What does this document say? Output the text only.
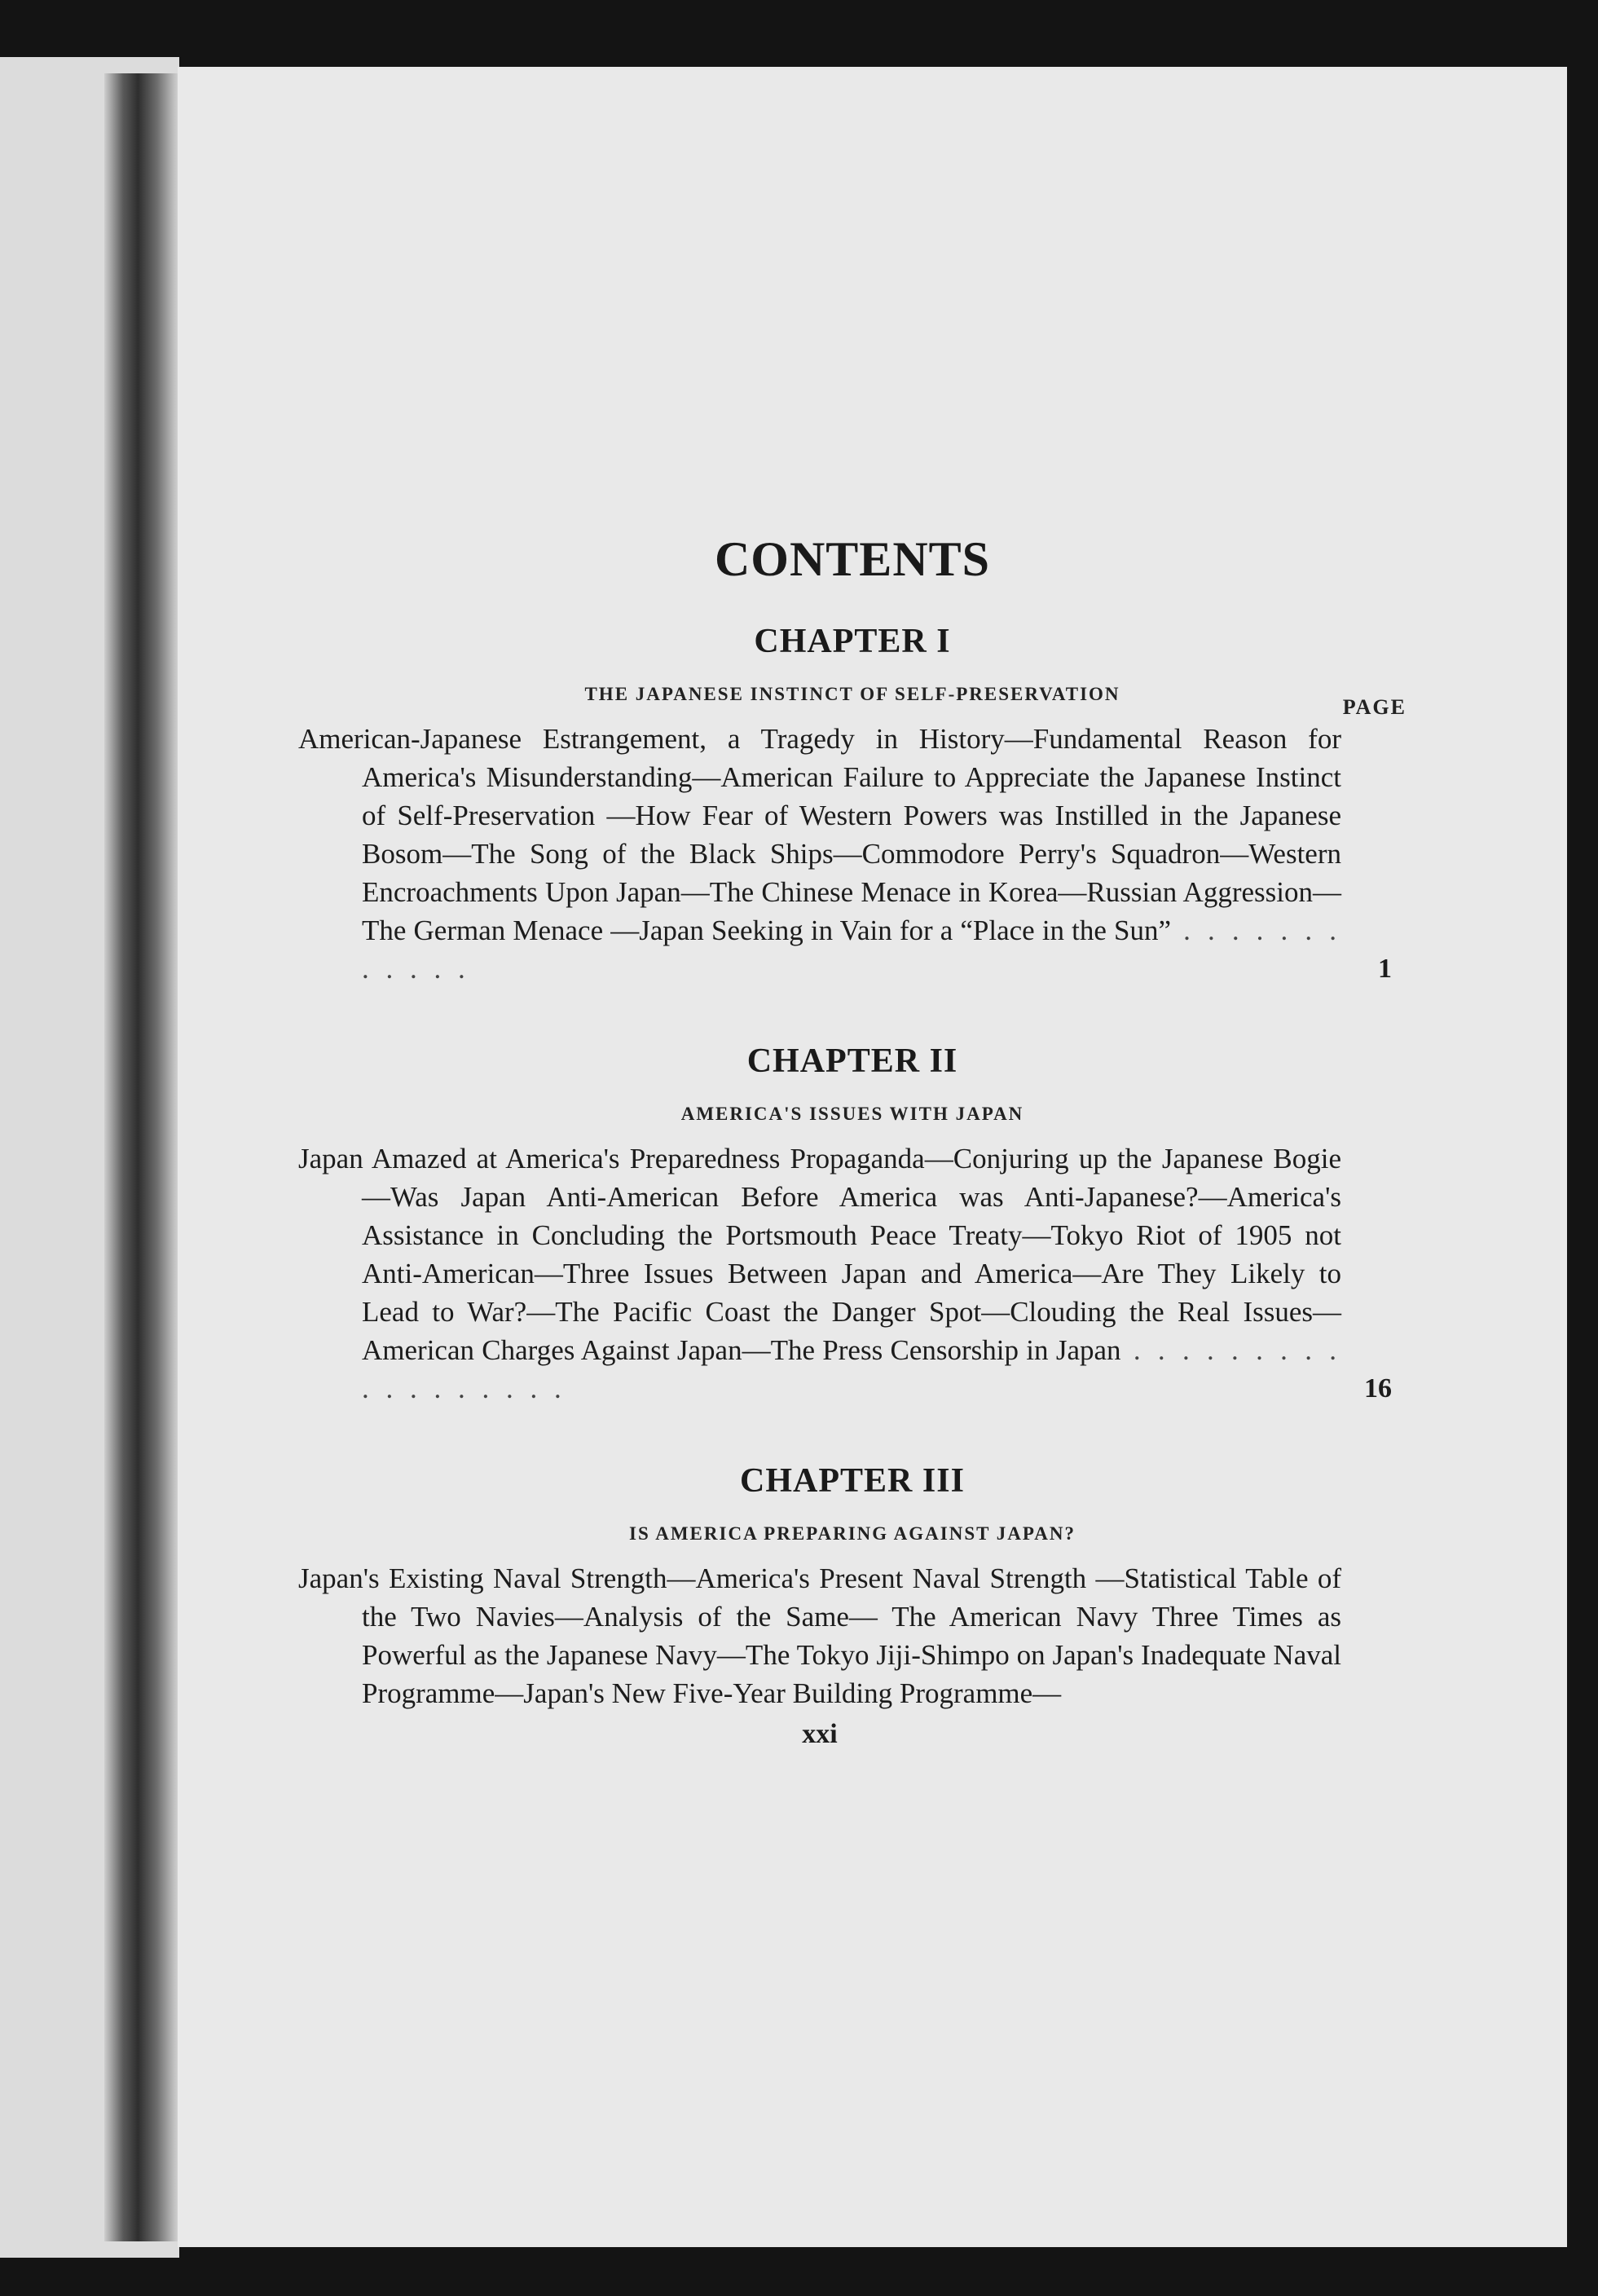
CONTENTS
CHAPTER I
THE JAPANESE INSTINCT OF SELF-PRESERVATION
PAGE

American-Japanese Estrangement, a Tragedy in History—Fundamental Reason for America's Misunderstanding—American Failure to Appreciate the Japanese Instinct of Self-Preservation —How Fear of Western Powers was Instilled in the Japanese Bosom—The Song of the Black Ships—Commodore Perry's Squadron—Western Encroachments Upon Japan—The Chinese Menace in Korea—Russian Aggression—The German Menace —Japan Seeking in Vain for a “Place in the Sun” . . . . . . . . . . . .	1
CHAPTER II
AMERICA'S ISSUES WITH JAPAN

Japan Amazed at America's Preparedness Propaganda—Conjuring up the Japanese Bogie—Was Japan Anti-American Before America was Anti-Japanese?—America's Assistance in Concluding the Portsmouth Peace Treaty—Tokyo Riot of 1905 not Anti-American—Three Issues Between Japan and America—Are They Likely to Lead to War?—The Pacific Coast the Danger Spot—Clouding the Real Issues—American Charges Against Japan—The Press Censorship in Japan . . . . . . . . . . . . . . . . . .	16
CHAPTER III
IS AMERICA PREPARING AGAINST JAPAN?

Japan's Existing Naval Strength—America's Present Naval Strength —Statistical Table of the Two Navies—Analysis of the Same— The American Navy Three Times as Powerful as the Japanese Navy—The Tokyo Jiji-Shimpo on Japan's Inadequate Naval Programme—Japan's New Five-Year Building Programme—

xxi
